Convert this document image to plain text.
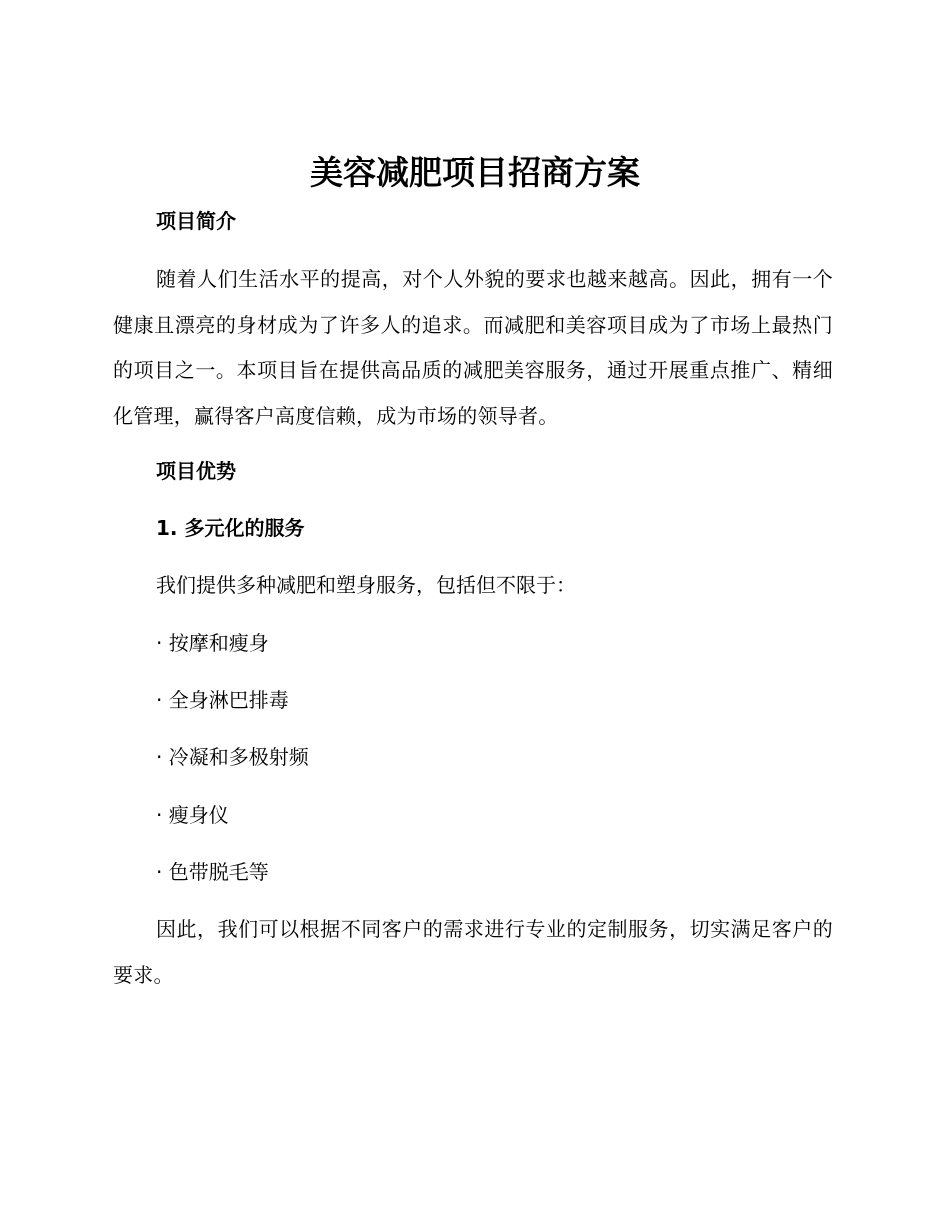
美容减肥项目招商方案
项目简介
随着人们生活水平的提高，对个人外貌的要求也越来越高。因此，拥有一个健康且漂亮的身材成为了许多人的追求。而减肥和美容项目成为了市场上最热门的项目之一。本项目旨在提供高品质的减肥美容服务，通过开展重点推广、精细化管理，赢得客户高度信赖，成为市场的领导者。
项目优势
1. 多元化的服务
我们提供多种减肥和塑身服务，包括但不限于：
· 按摩和瘦身
· 全身淋巴排毒
· 冷凝和多极射频
· 瘦身仪
· 色带脱毛等
因此，我们可以根据不同客户的需求进行专业的定制服务，切实满足客户的要求。
